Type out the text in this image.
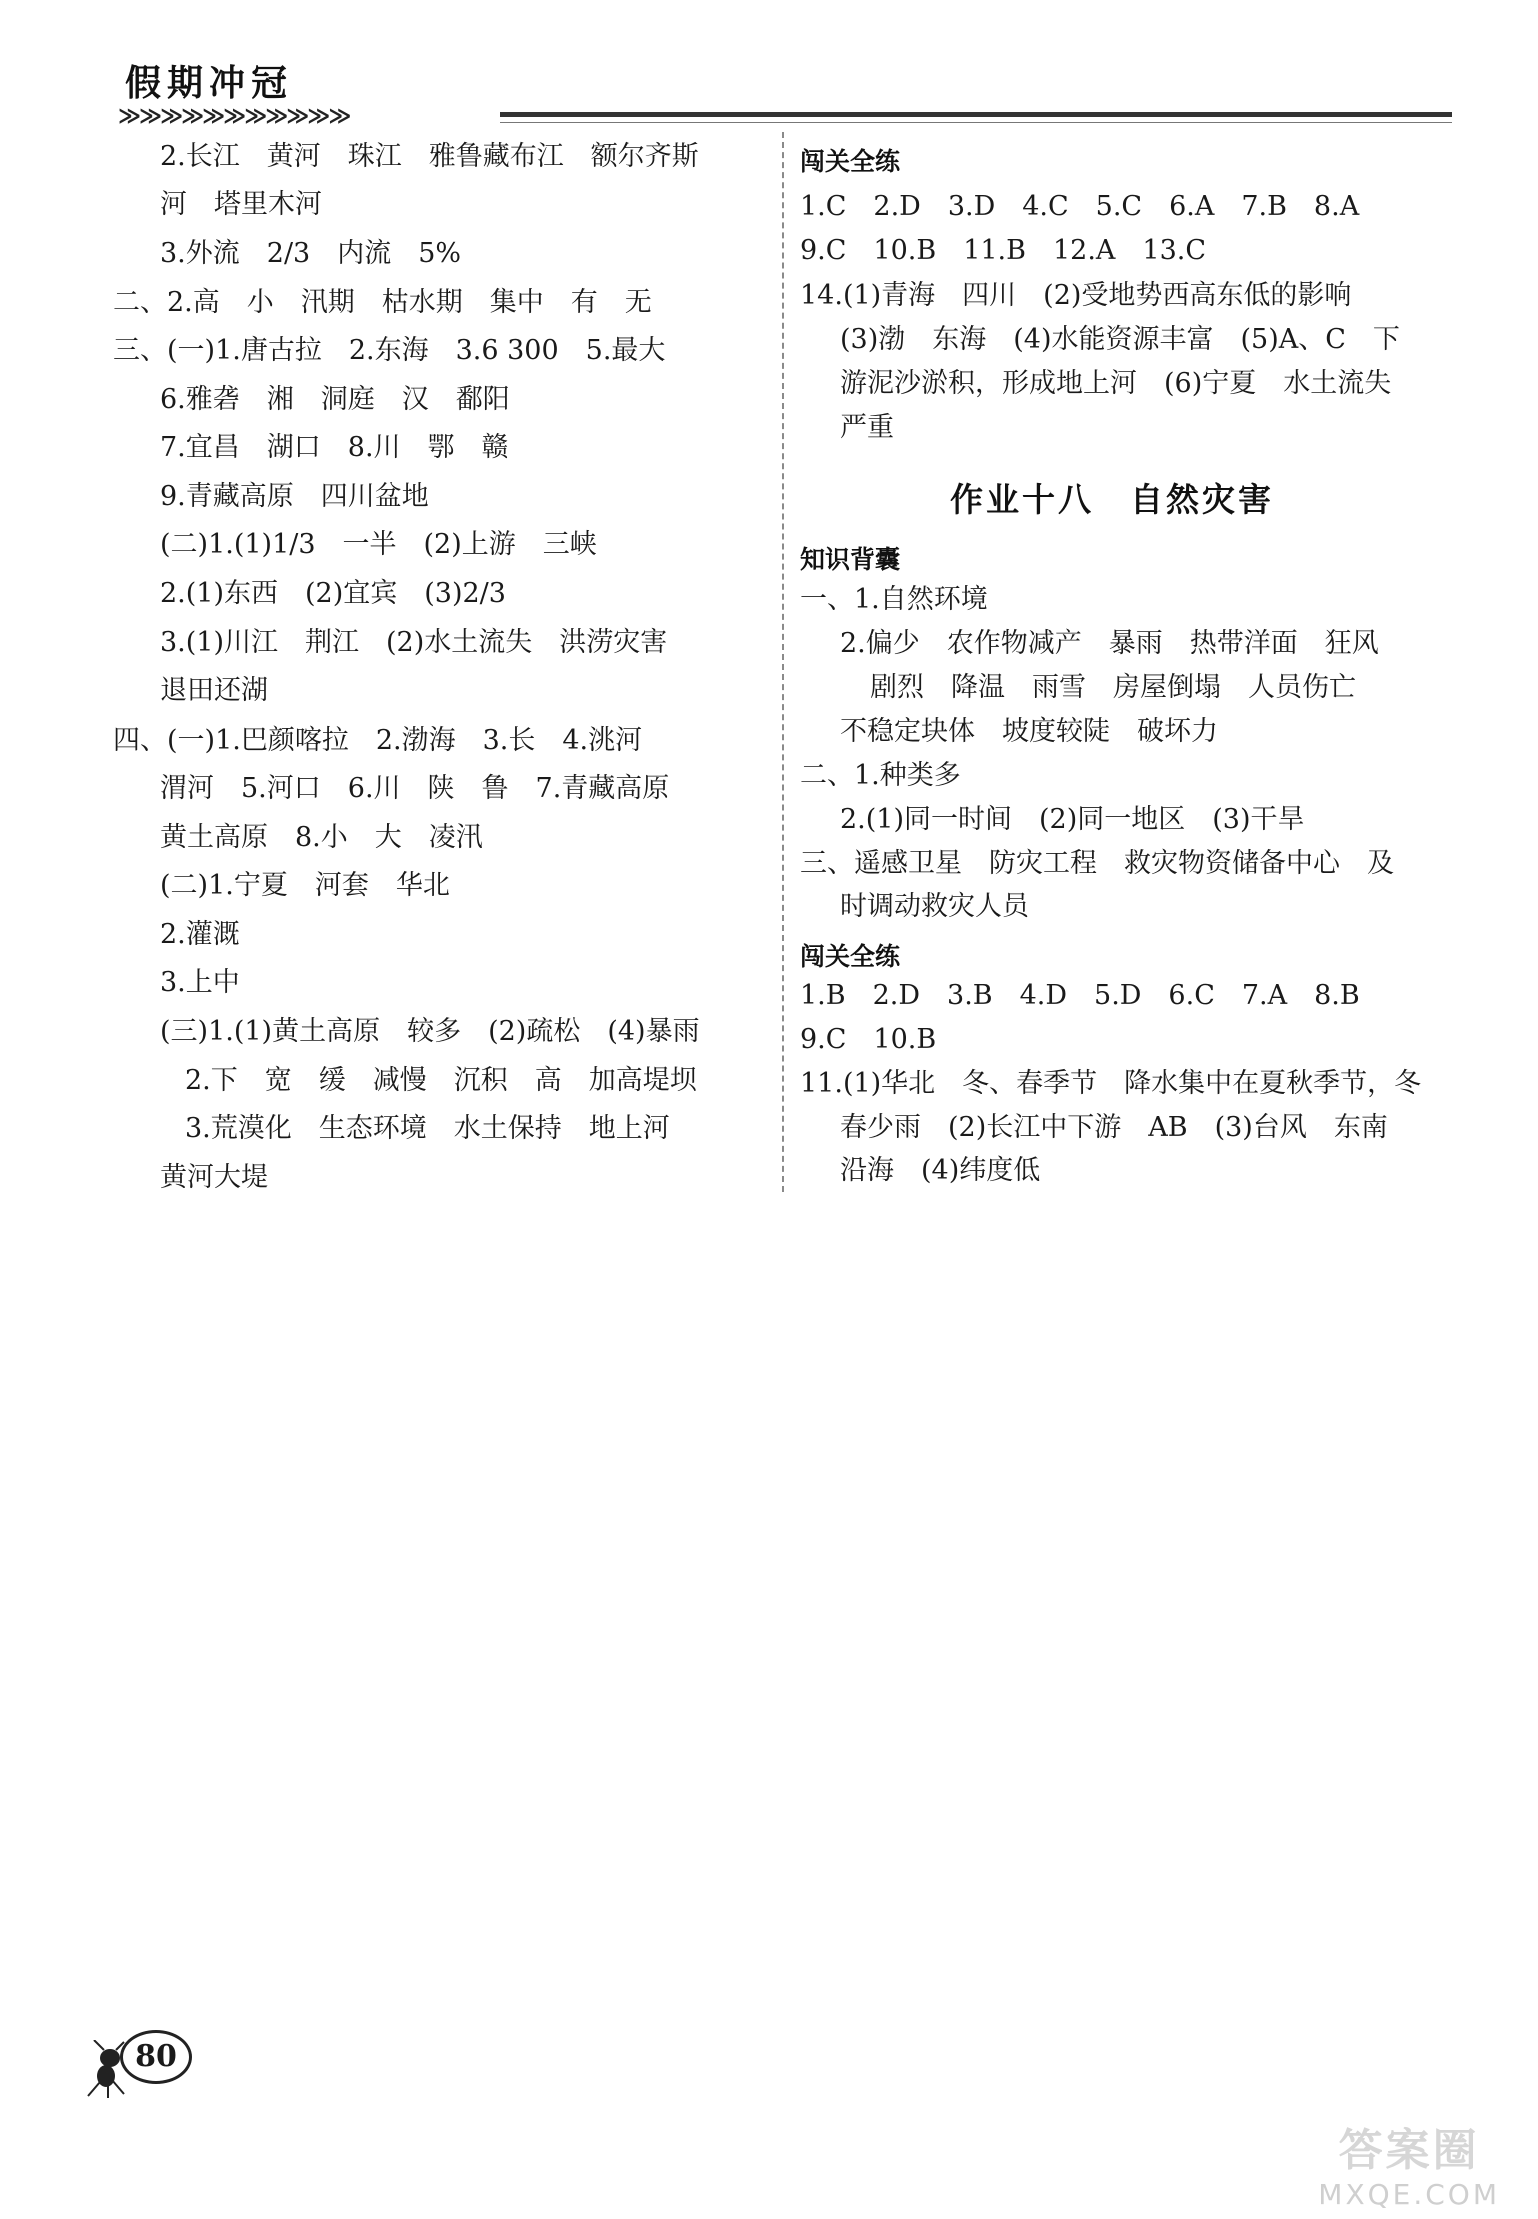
假期冲冠
≫≫≫≫≫≫≫≫≫≫≫
2.长江　黄河　珠江　雅鲁藏布江　额尔齐斯
河　塔里木河
3.外流　2/3　内流　5%
二、2.高　小　汛期　枯水期　集中　有　无
三、(一)1.唐古拉　2.东海　3.6 300　5.最大
6.雅砻　湘　洞庭　汉　鄱阳
7.宜昌　湖口　8.川　鄂　赣
9.青藏高原　四川盆地
(二)1.(1)1/3　一半　(2)上游　三峡
2.(1)东西　(2)宜宾　(3)2/3
3.(1)川江　荆江　(2)水土流失　洪涝灾害
退田还湖
四、(一)1.巴颜喀拉　2.渤海　3.长　4.洮河
渭河　5.河口　6.川　陕　鲁　7.青藏高原
黄土高原　8.小　大　凌汛
(二)1.宁夏　河套　华北
2.灌溉
3.上中
(三)1.(1)黄土高原　较多　(2)疏松　(4)暴雨
2.下　宽　缓　减慢　沉积　高　加高堤坝
3.荒漠化　生态环境　水土保持　地上河
黄河大堤
闯关全练
1.C　2.D　3.D　4.C　5.C　6.A　7.B　8.A
9.C　10.B　11.B　12.A　13.C
14.(1)青海　四川　(2)受地势西高东低的影响
(3)渤　东海　(4)水能资源丰富　(5)A、C　下
游泥沙淤积，形成地上河　(6)宁夏　水土流失
严重
作业十八　自然灾害
知识背囊
一、1.自然环境
2.偏少　农作物减产　暴雨　热带洋面　狂风
剧烈　降温　雨雪　房屋倒塌　人员伤亡
不稳定块体　坡度较陡　破坏力
二、1.种类多
2.(1)同一时间　(2)同一地区　(3)干旱
三、遥感卫星　防灾工程　救灾物资储备中心　及
时调动救灾人员
闯关全练
1.B　2.D　3.B　4.D　5.D　6.C　7.A　8.B
9.C　10.B
11.(1)华北　冬、春季节　降水集中在夏秋季节，冬
春少雨　(2)长江中下游　AB　(3)台风　东南
沿海　(4)纬度低
80
答案圈
MXQE.COM
